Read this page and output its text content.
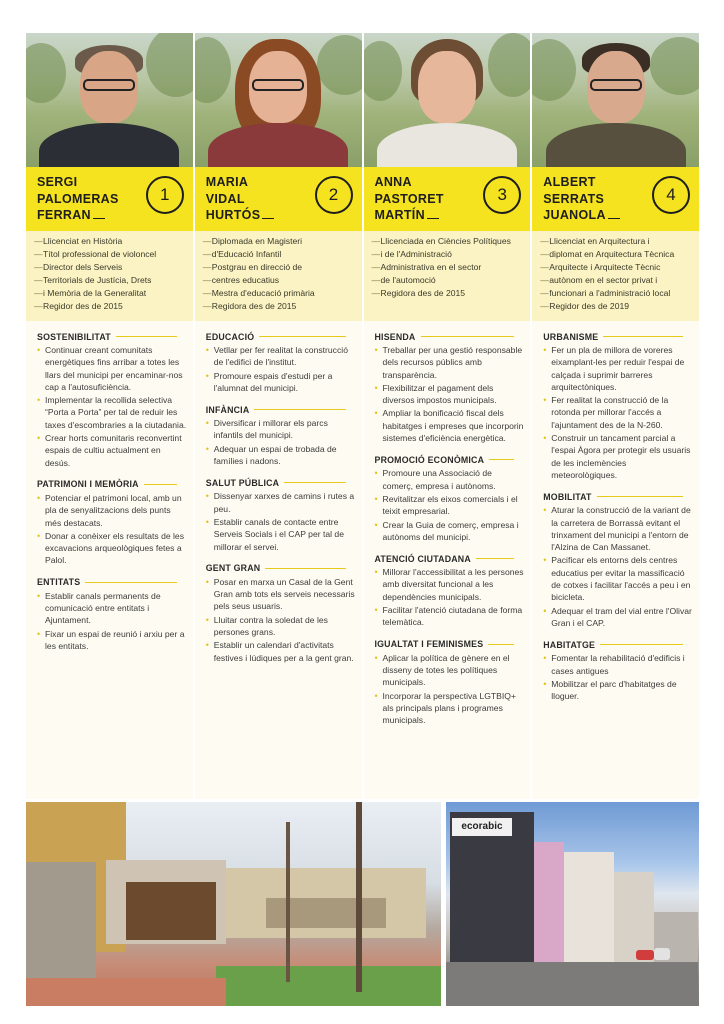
SERGI
PALOMERAS
FERRAN
1
MARIA
VIDAL
HURTÓS
2
ANNA
PASTORET
MARTÍN
3
ALBERT
SERRATS
JUANOLA
4
— Llicenciat en Història
— Títol professional de violoncel
— Director dels Serveis
— Territorials de Justícia, Drets
— i Memòria de la Generalitat
— Regidor des de 2015
— Diplomada en Magisteri
— d'Educació Infantil
— Postgrau en direcció de
— centres educatius
— Mestra d'educació primària
— Regidora des de 2015
— Llicenciada en Ciències Polítiques
— i de l'Administració
— Administrativa en el sector
— de l'automoció
— Regidora des de 2015
— Llicenciat en Arquitectura i
— diplomat en Arquitectura Tècnica
— Arquitecte i Arquitecte Tècnic
— autònom en el sector privat i
— funcionari a l'administració local
— Regidor des de 2019
SOSTENIBILITAT
• Continuar creant comunitats energètiques fins arribar a totes les llars del municipi per encaminar-nos cap a l'autosuficiència.
• Implementar la recollida selectiva “Porta a Porta” per tal de reduir les taxes d'escombraries a la ciutadania.
• Crear horts comunitaris reconvertint espais de cultiu actualment en desús.
PATRIMONI I MEMÒRIA
• Potenciar el patrimoni local, amb un pla de senyalitzacions dels punts més destacats.
• Donar a conèixer els resultats de les excavacions arqueològiques fetes a Palol.
ENTITATS
• Establir canals permanents de comunicació entre entitats i Ajuntament.
• Fixar un espai de reunió i arxiu per a les entitats.
EDUCACIÓ
• Vetllar per fer realitat la construcció de l'edifici de l'institut.
• Promoure espais d'estudi per a l'alumnat del municipi.
INFÀNCIA
• Diversificar i millorar els parcs infantils del municipi.
• Adequar un espai de trobada de famílies i nadons.
SALUT PÚBLICA
• Dissenyar xarxes de camins i rutes a peu.
• Establir canals de contacte entre Serveis Socials i el CAP per tal de millorar el servei.
GENT GRAN
• Posar en marxa un Casal de la Gent Gran amb tots els serveis necessaris pels seus usuaris.
• Lluitar contra la soledat de les persones grans.
• Establir un calendari d'activitats festives i lúdiques per a la gent gran.
HISENDA
• Treballar per una gestió responsable dels recursos públics amb transparència.
• Flexibilitzar el pagament dels diversos impostos municipals.
• Ampliar la bonificació fiscal dels habitatges i empreses que incorporin sistemes d'eficiència energètica.
PROMOCIÓ ECONÒMICA
• Promoure una Associació de comerç, empresa i autònoms.
• Revitalitzar els eixos comercials i el teixit empresarial.
• Crear la Guia de comerç, empresa i autònoms del municipi.
ATENCIÓ CIUTADANA
• Millorar l'accessibilitat a les persones amb diversitat funcional a les dependències municipals.
• Facilitar l'atenció ciutadana de forma telemàtica.
IGUALTAT I FEMINISMES
• Aplicar la política de gènere en el disseny de totes les polítiques municipals.
• Incorporar la perspectiva LGTBIQ+ als principals plans i programes municipals.
URBANISME
• Fer un pla de millora de voreres eixamplant-les per reduir l'espai de calçada i suprimir barreres arquitectòniques.
• Fer realitat la construcció de la rotonda per millorar l'accés a l'ajuntament des de la N-260.
• Construir un tancament parcial a l'espai Àgora per protegir els usuaris de les inclemències meteorològiques.
MOBILITAT
• Aturar la construcció de la variant de la carretera de Borrassà evitant el trinxament del municipi a l'entorn de l'Alzina de Can Massanet.
• Pacificar els entorns dels centres educatius per evitar la massificació de cotxes i facilitar l'accés a peu i en bicicleta.
• Adequar el tram del vial entre l'Olivar Gran i el CAP.
HABITATGE
• Fomentar la rehabilitació d'edificis i cases antigues
• Mobilitzar el parc d'habitatges de lloguer.
ecorabic
